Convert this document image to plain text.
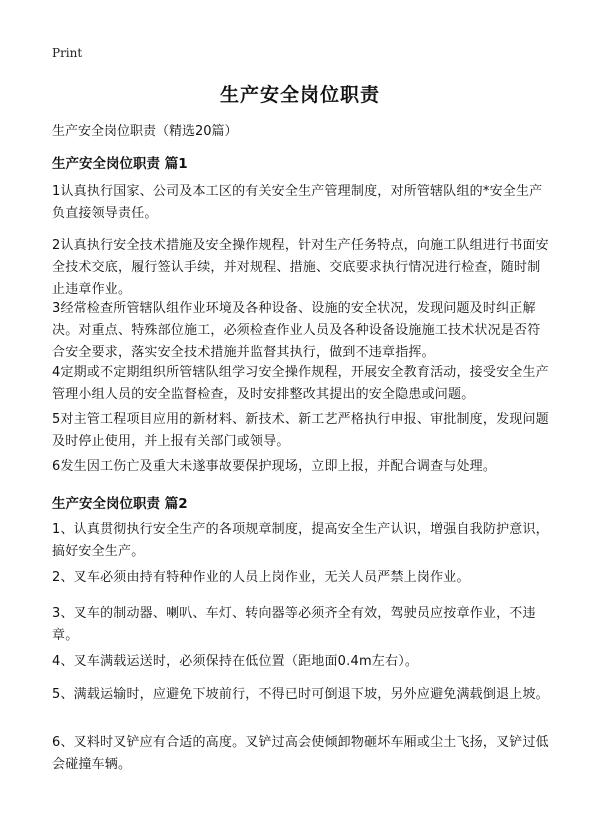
Print
生产安全岗位职责
生产安全岗位职责（精选20篇）
生产安全岗位职责 篇1
1认真执行国家、公司及本工区的有关安全生产管理制度，对所管辖队组的*安全生产负直接领导责任。
2认真执行安全技术措施及安全操作规程，针对生产任务特点，向施工队组进行书面安全技术交底，履行签认手续，并对规程、措施、交底要求执行情况进行检查，随时制止违章作业。
3经常检查所管辖队组作业环境及各种设备、设施的安全状况，发现问题及时纠正解决。对重点、特殊部位施工，必须检查作业人员及各种设备设施施工技术状况是否符合安全要求，落实安全技术措施并监督其执行，做到不违章指挥。
4定期或不定期组织所管辖队组学习安全操作规程，开展安全教育活动，接受安全生产管理小组人员的安全监督检查，及时安排整改其提出的安全隐患或问题。
5对主管工程项目应用的新材料、新技术、新工艺严格执行申报、审批制度，发现问题及时停止使用，并上报有关部门或领导。
6发生因工伤亡及重大未遂事故要保护现场，立即上报，并配合调查与处理。
生产安全岗位职责 篇2
1、认真贯彻执行安全生产的各项规章制度，提高安全生产认识，增强自我防护意识，搞好安全生产。
2、叉车必须由持有特种作业的人员上岗作业，无关人员严禁上岗作业。
3、叉车的制动器、喇叭、车灯、转向器等必须齐全有效，驾驶员应按章作业，不违章。
4、叉车满载运送时，必须保持在低位置（距地面0.4m左右）。
5、满载运输时，应避免下坡前行，不得已时可倒退下坡，另外应避免满载倒退上坡。
6、叉料时叉铲应有合适的高度。叉铲过高会使倾卸物砸坏车厢或尘土飞扬，叉铲过低会碰撞车辆。
